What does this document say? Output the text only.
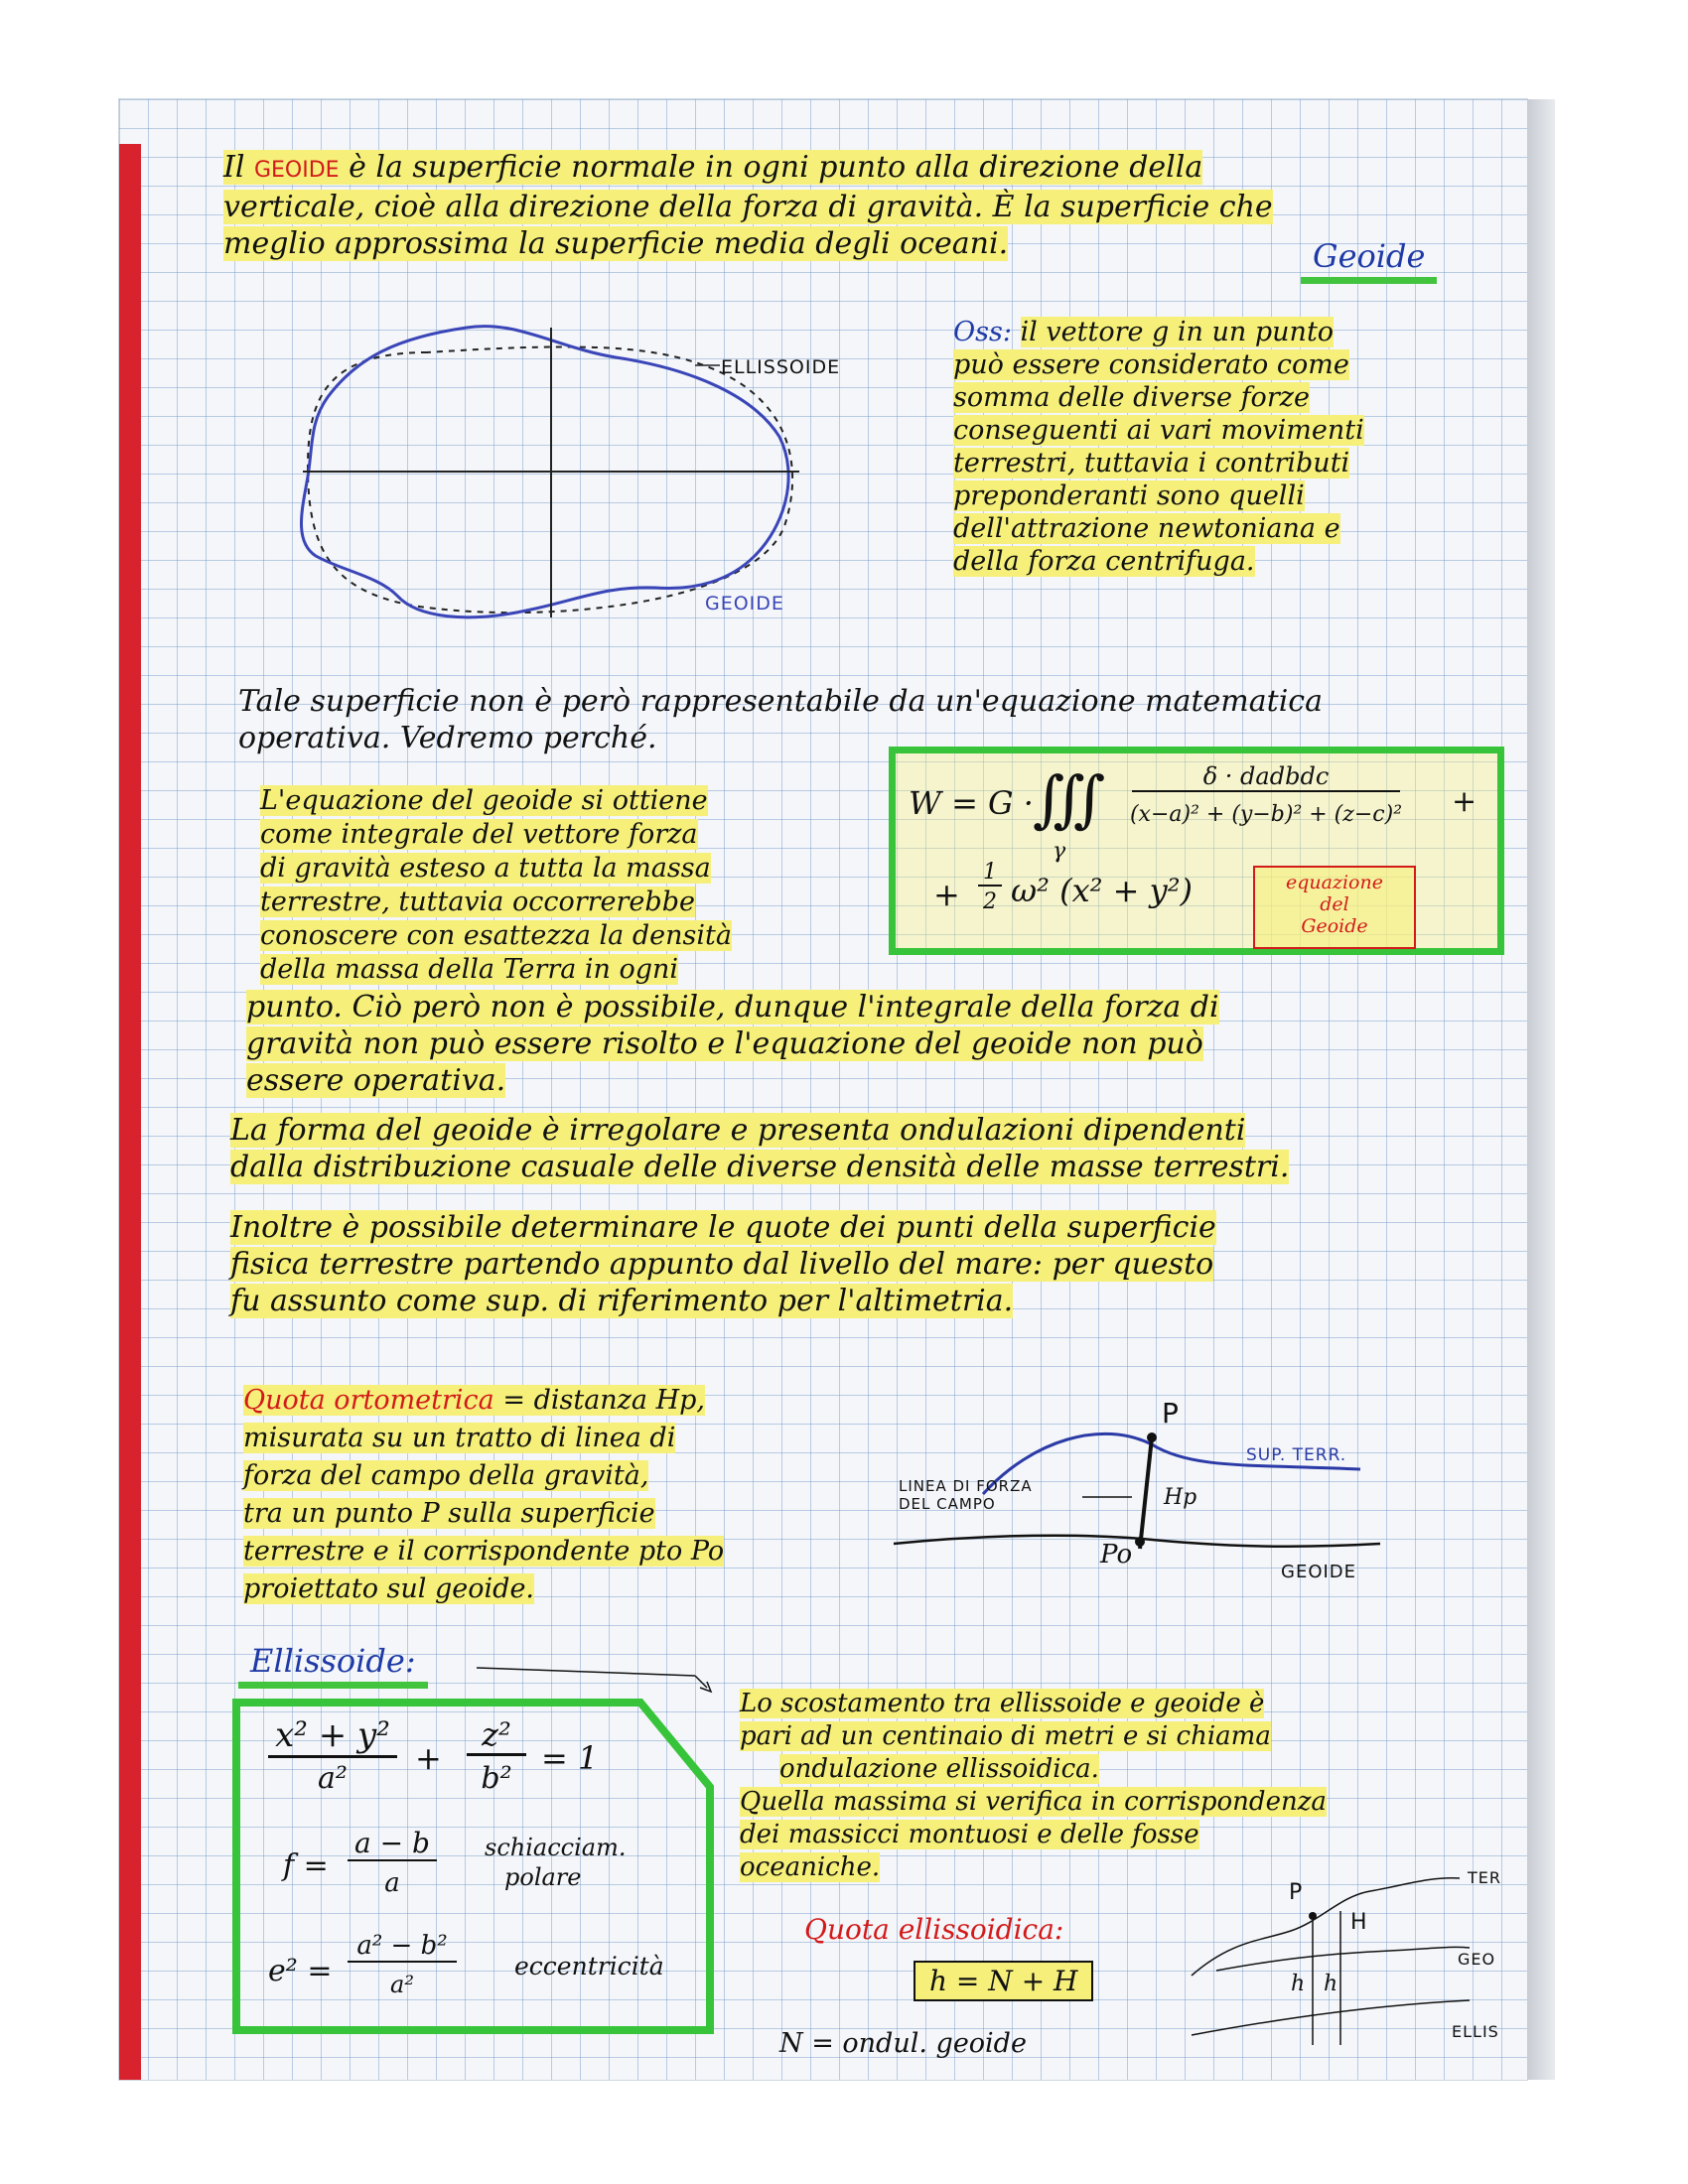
Il GEOIDE è la superficie normale in ogni punto alla direzione della

verticale, cioè alla direzione della forza di gravità. È la superficie che

meglio approssima la superficie media degli oceani.	Geoide
ELLISSOIDE
GEOIDE

Oss: il vettore g in un punto

può essere considerato come

somma delle diverse forze

conseguenti ai vari movimenti

terrestri, tuttavia i contributi

preponderanti sono quelli

dell'attrazione newtoniana e

della forza centrifuga.

Tale superficie non è però rappresentabile da un'equazione matematica

operativa. Vedremo perché.

L'equazione del geoide si ottiene

come integrale del vettore forza

di gravità esteso a tutta la massa

terrestre, tuttavia occorrerebbe

conoscere con esattezza la densità

della massa della Terra in ogni

punto. Ciò però non è possibile, dunque l'integrale della forza di

gravità non può essere risolto e l'equazione del geoide non può

essere operativa.

W = G · ∭
γ
δ · dadbdc
(x−a)² + (y−b)² + (z−c)²	+
+
1
2 ω² (x² + y²)	equazione
del
Geoide

La forma del geoide è irregolare e presenta ondulazioni dipendenti

dalla distribuzione casuale delle diverse densità delle masse terrestri.

Inoltre è possibile determinare le quote dei punti della superficie

fisica terrestre partendo appunto dal livello del mare: per questo

fu assunto come sup. di riferimento per l'altimetria.

Quota ortometrica = distanza Hp,

misurata su un tratto di linea di

forza del campo della gravità,

tra un punto P sulla superficie

terrestre e il corrispondente pto Po

proiettato sul geoide.

P
SUP. TERR.
LINEA DI FORZA
DEL CAMPO	Hp
Po
GEOIDE
Ellissoide:
x² + y²
a²
+
z²
b²
= 1
f =
a − b
a
schiacciam.
polare
e² =
a² − b²
a²
eccentricità

Lo scostamento tra ellissoide e geoide è

pari ad un centinaio di metri e si chiama

ondulazione ellissoidica.

Quella massima si verifica in corrispondenza

dei massicci montuosi e delle fosse

oceaniche.

Quota ellissoidica:
h = N + H
N = ondul. geoide
P
TER
H
GEO
h h
ELLIS
